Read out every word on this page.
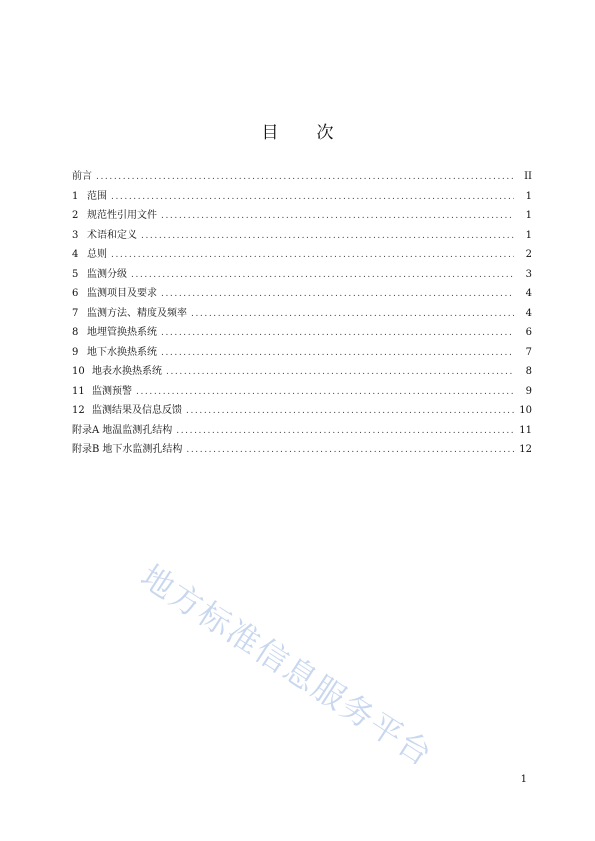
目 次
前言 .....	II
1 范围 .....	1
2 规范性引用文件 .....	1
3 术语和定义 .....	1
4 总则 .....	2
5 监测分级 .....	3
6 监测项目及要求 .....	4
7 监测方法、精度及频率 .....	4
8 地埋管换热系统 .....	6
9 地下水换热系统 .....	7
10 地表水换热系统 .....	8
11 监测预警 .....	9
12 监测结果及信息反馈 .....	10
附录A 地温监测孔结构 .....	11
附录B 地下水监测孔结构 .....	12
地方标准信息服务平台
1
